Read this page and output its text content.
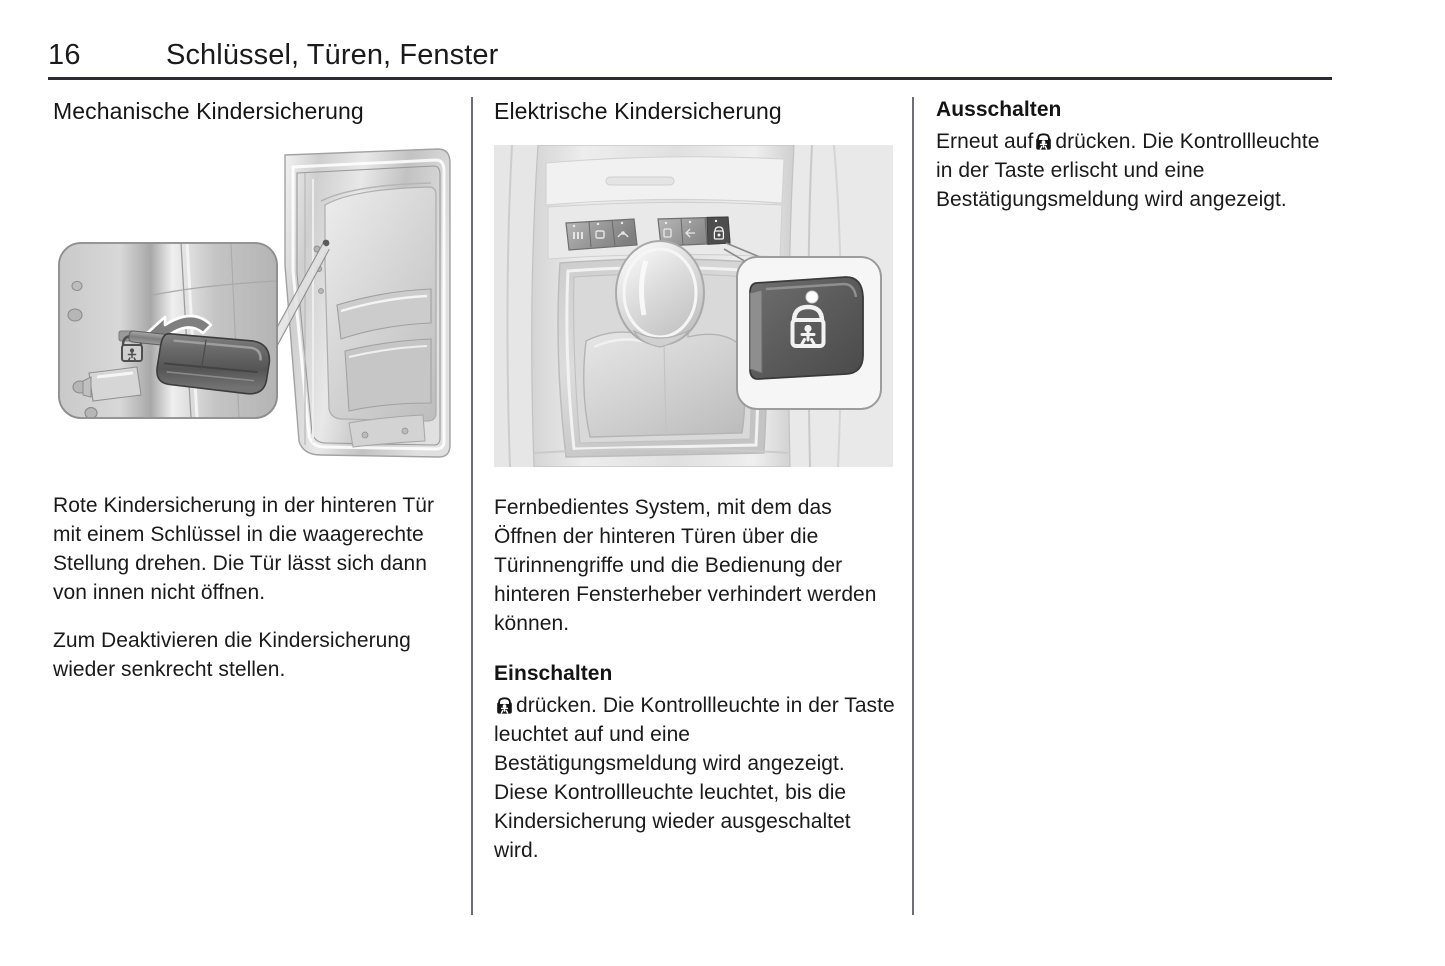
16	Schlüssel, Türen, Fenster
Mechanische Kindersicherung

Rote Kindersicherung in der hinteren Tür mit einem Schlüssel in die waagerechte Stellung drehen. Die Tür lässt sich dann von innen nicht öffnen.

Zum Deaktivieren die Kindersicherung wieder senkrecht stellen.

Elektrische Kindersicherung

Fernbedientes System, mit dem das Öffnen der hinteren Türen über die Türinnengriffe und die Bedienung der hinteren Fensterheber verhindert werden können.

Einschalten

drücken. Die Kontrollleuchte in der Taste leuchtet auf und eine Bestätigungsmeldung wird angezeigt. Diese Kontrollleuchte leuchtet, bis die Kindersicherung wieder ausgeschaltet wird.

Ausschalten

Erneut auf drücken. Die Kontrollleuchte in der Taste erlischt und eine Bestätigungsmeldung wird angezeigt.
